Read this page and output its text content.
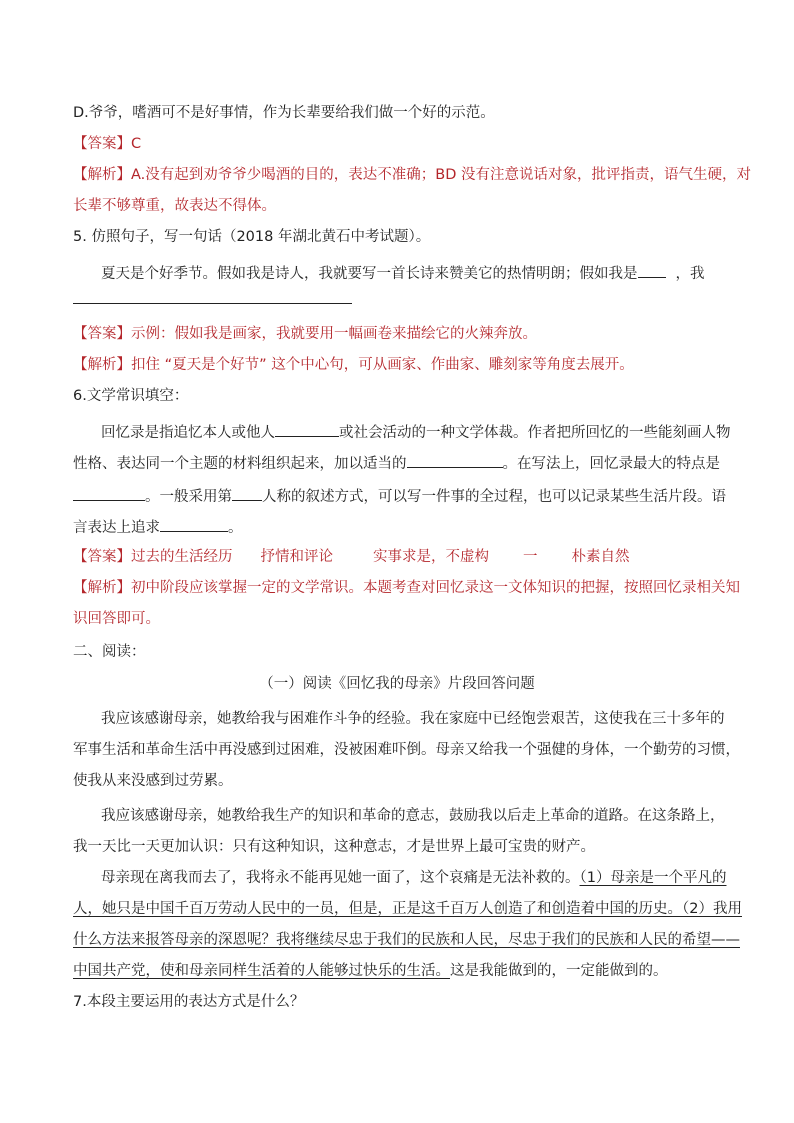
D.爷爷，嗜酒可不是好事情，作为长辈要给我们做一个好的示范。
【答案】C
【解析】A.没有起到劝爷爷少喝酒的目的，表达不准确；BD 没有注意说话对象，批评指责，语气生硬，对
长辈不够尊重，故表达不得体。
5. 仿照句子，写一句话（2018 年湖北黄石中考试题）。
夏天是个好季节。假如我是诗人，我就要写一首长诗来赞美它的热情明朗；假如我是	，我
【答案】示例：假如我是画家，我就要用一幅画卷来描绘它的火辣奔放。
【解析】扣住 “夏天是个好节” 这个中心句，可从画家、作曲家、雕刻家等角度去展开。
6.文学常识填空：
回忆录是指追忆本人或他人	或社会活动的一种文学体裁。作者把所回忆的一些能刻画人物
性格、表达同一个主题的材料组织起来，加以适当的	。在写法上，回忆录最大的特点是
。一般采用第 人称的叙述方式，可以写一件事的全过程，也可以记录某些生活片段。语
言表达上追求	。
【答案】过去的生活经历 抒情和评论	实事求是，不虚构 一 朴素自然
【解析】初中阶段应该掌握一定的文学常识。本题考查对回忆录这一文体知识的把握，按照回忆录相关知
识回答即可。
二、阅读：
（一）阅读《回忆我的母亲》片段回答问题
我应该感谢母亲，她教给我与困难作斗争的经验。我在家庭中已经饱尝艰苦，这使我在三十多年的
军事生活和革命生活中再没感到过困难，没被困难吓倒。母亲又给我一个强健的身体，一个勤劳的习惯，
使我从来没感到过劳累。
我应该感谢母亲，她教给我生产的知识和革命的意志，鼓励我以后走上革命的道路。在这条路上，
我一天比一天更加认识：只有这种知识，这种意志，才是世界上最可宝贵的财产。
母亲现在离我而去了，我将永不能再见她一面了，这个哀痛是无法补救的。（1）母亲是一个平凡的
人，她只是中国千百万劳动人民中的一员，但是，正是这千百万人创造了和创造着中国的历史。（2）我用
什么方法来报答母亲的深恩呢？我将继续尽忠于我们的民族和人民，尽忠于我们的民族和人民的希望——
中国共产党，使和母亲同样生活着的人能够过快乐的生活。这是我能做到的，一定能做到的。
7.本段主要运用的表达方式是什么？
